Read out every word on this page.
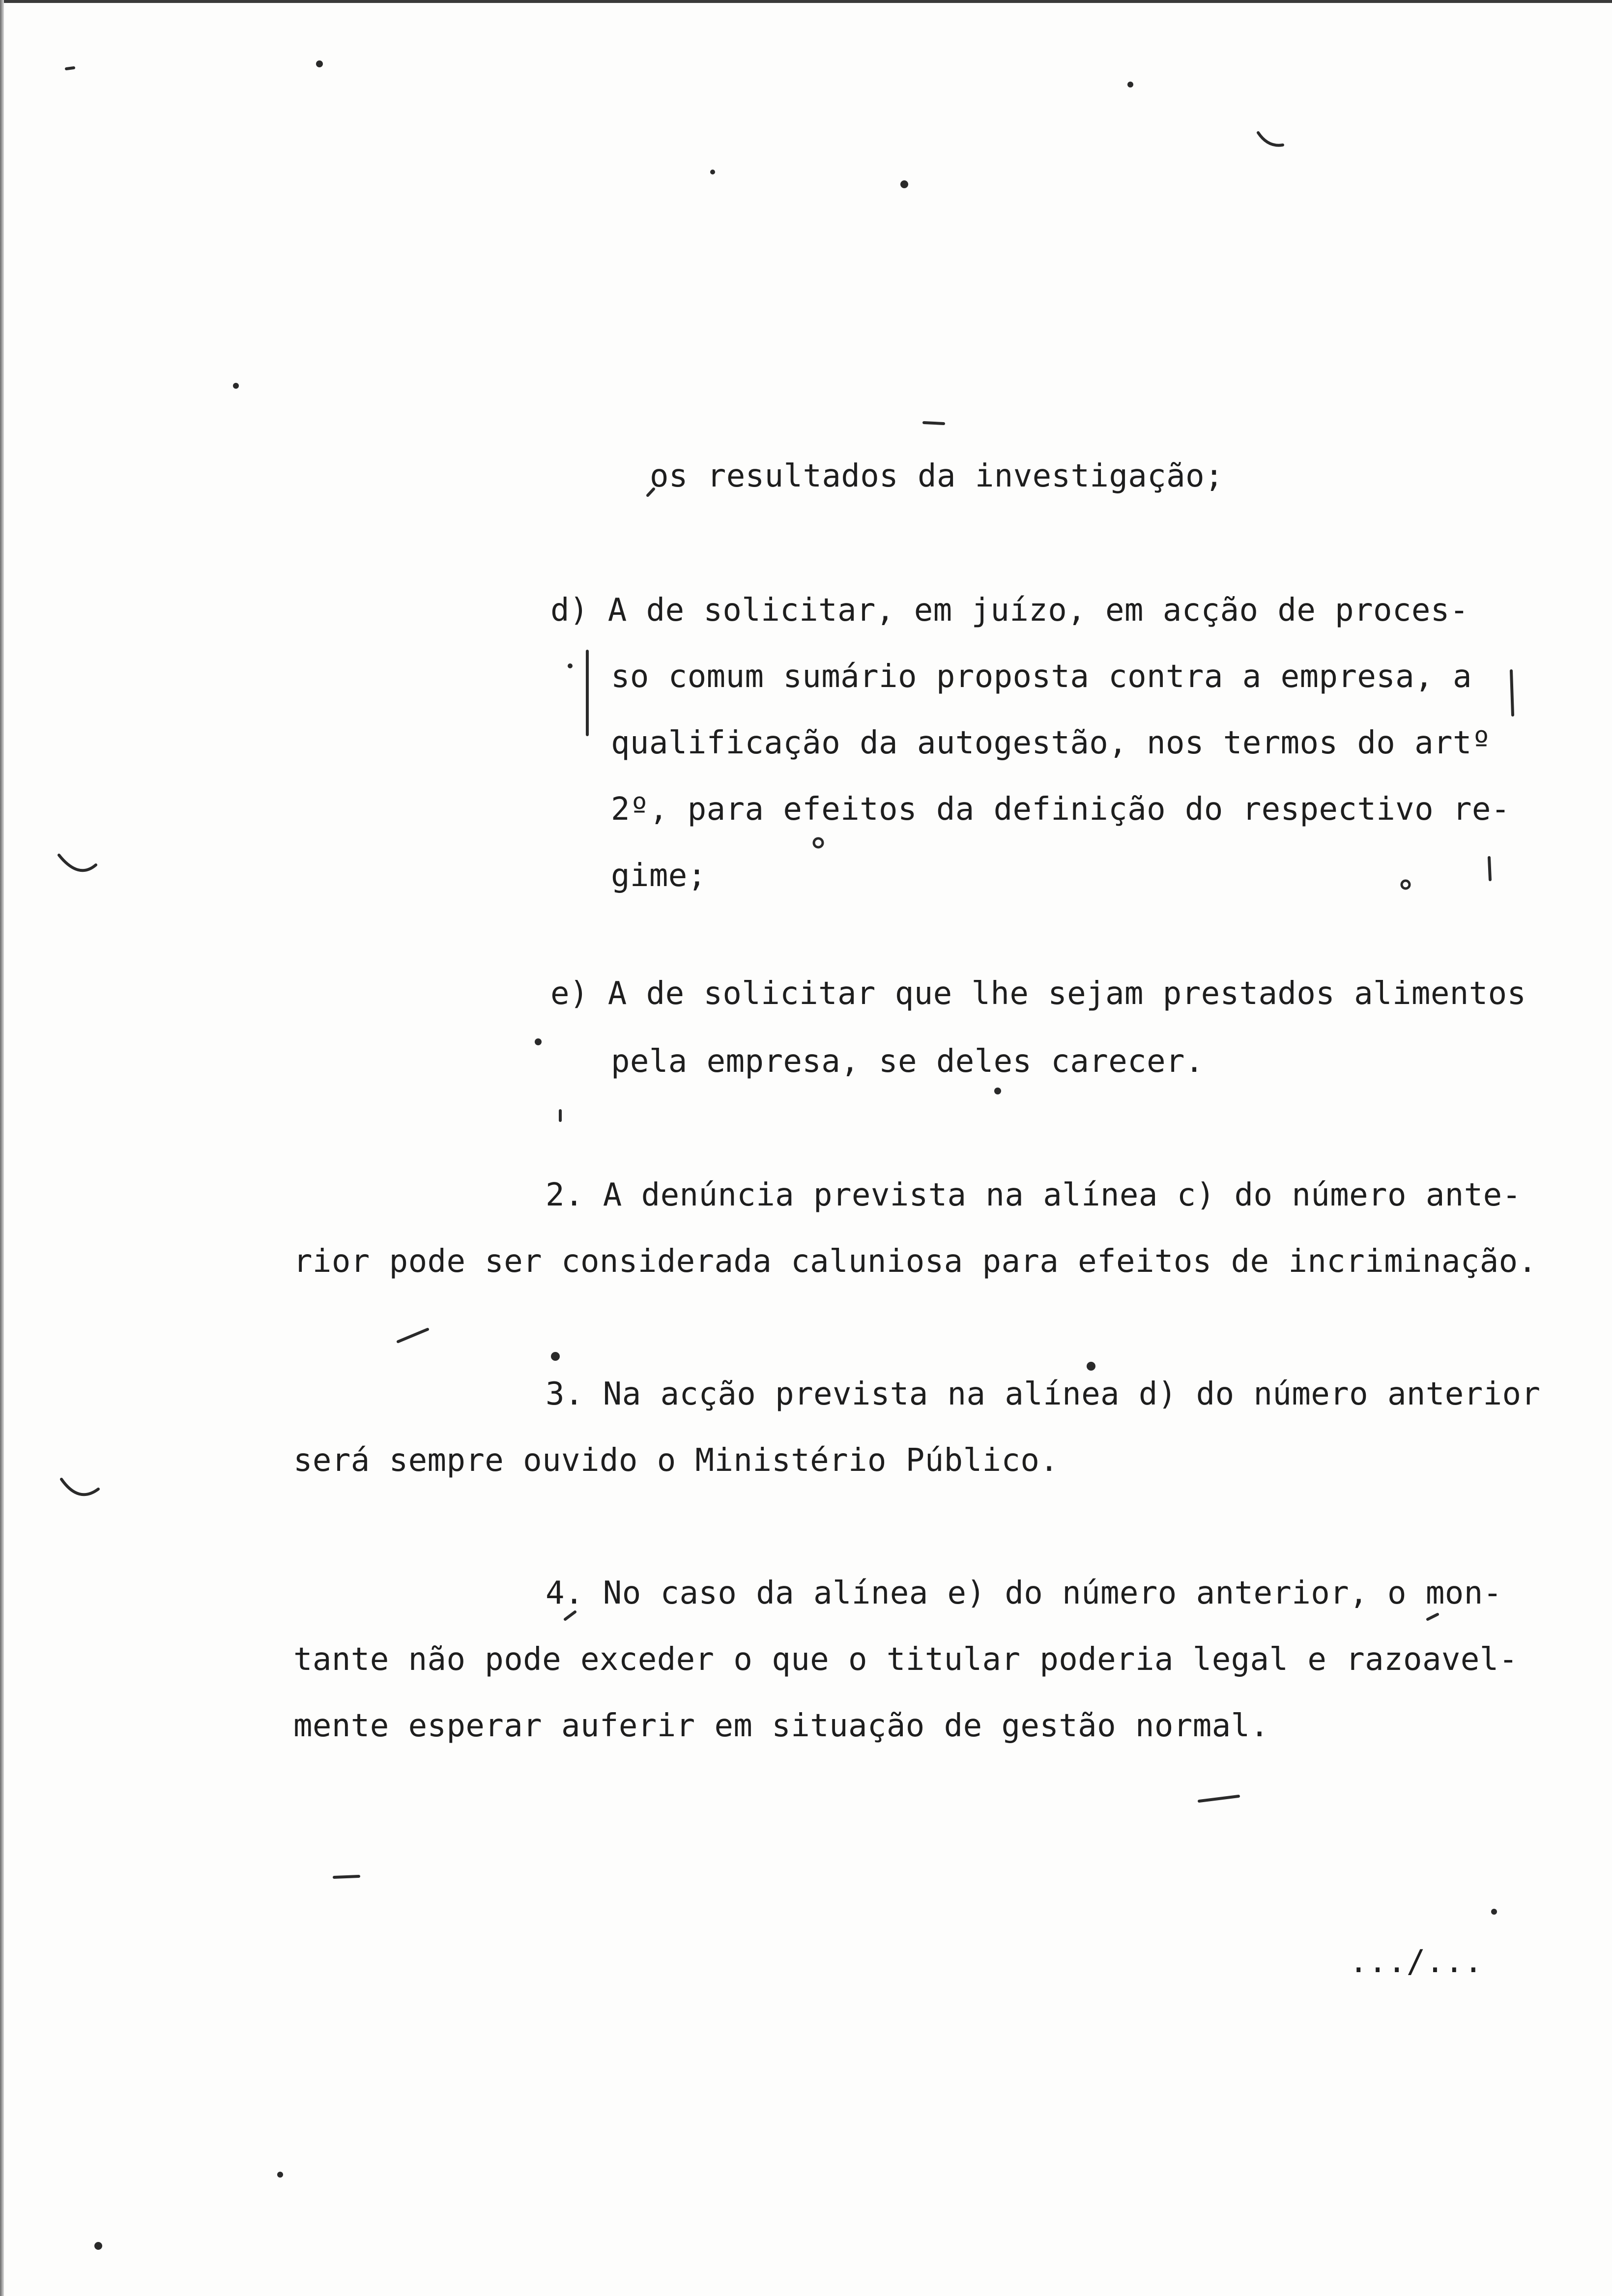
os resultados da investigação;
d) A de solicitar, em juízo, em acção de proces-
so comum sumário proposta contra a empresa, a
qualificação da autogestão, nos termos do artº
2º, para efeitos da definição do respectivo re-
gime;
e) A de solicitar que lhe sejam prestados alimentos
pela empresa, se deles carecer.
2. A denúncia prevista na alínea c) do número ante-
rior pode ser considerada caluniosa para efeitos de incriminação.
3. Na acção prevista na alínea d) do número anterior
será sempre ouvido o Ministério Público.
4. No caso da alínea e) do número anterior, o mon-
tante não pode exceder o que o titular poderia legal e razoavel-
mente esperar auferir em situação de gestão normal.
.../...
